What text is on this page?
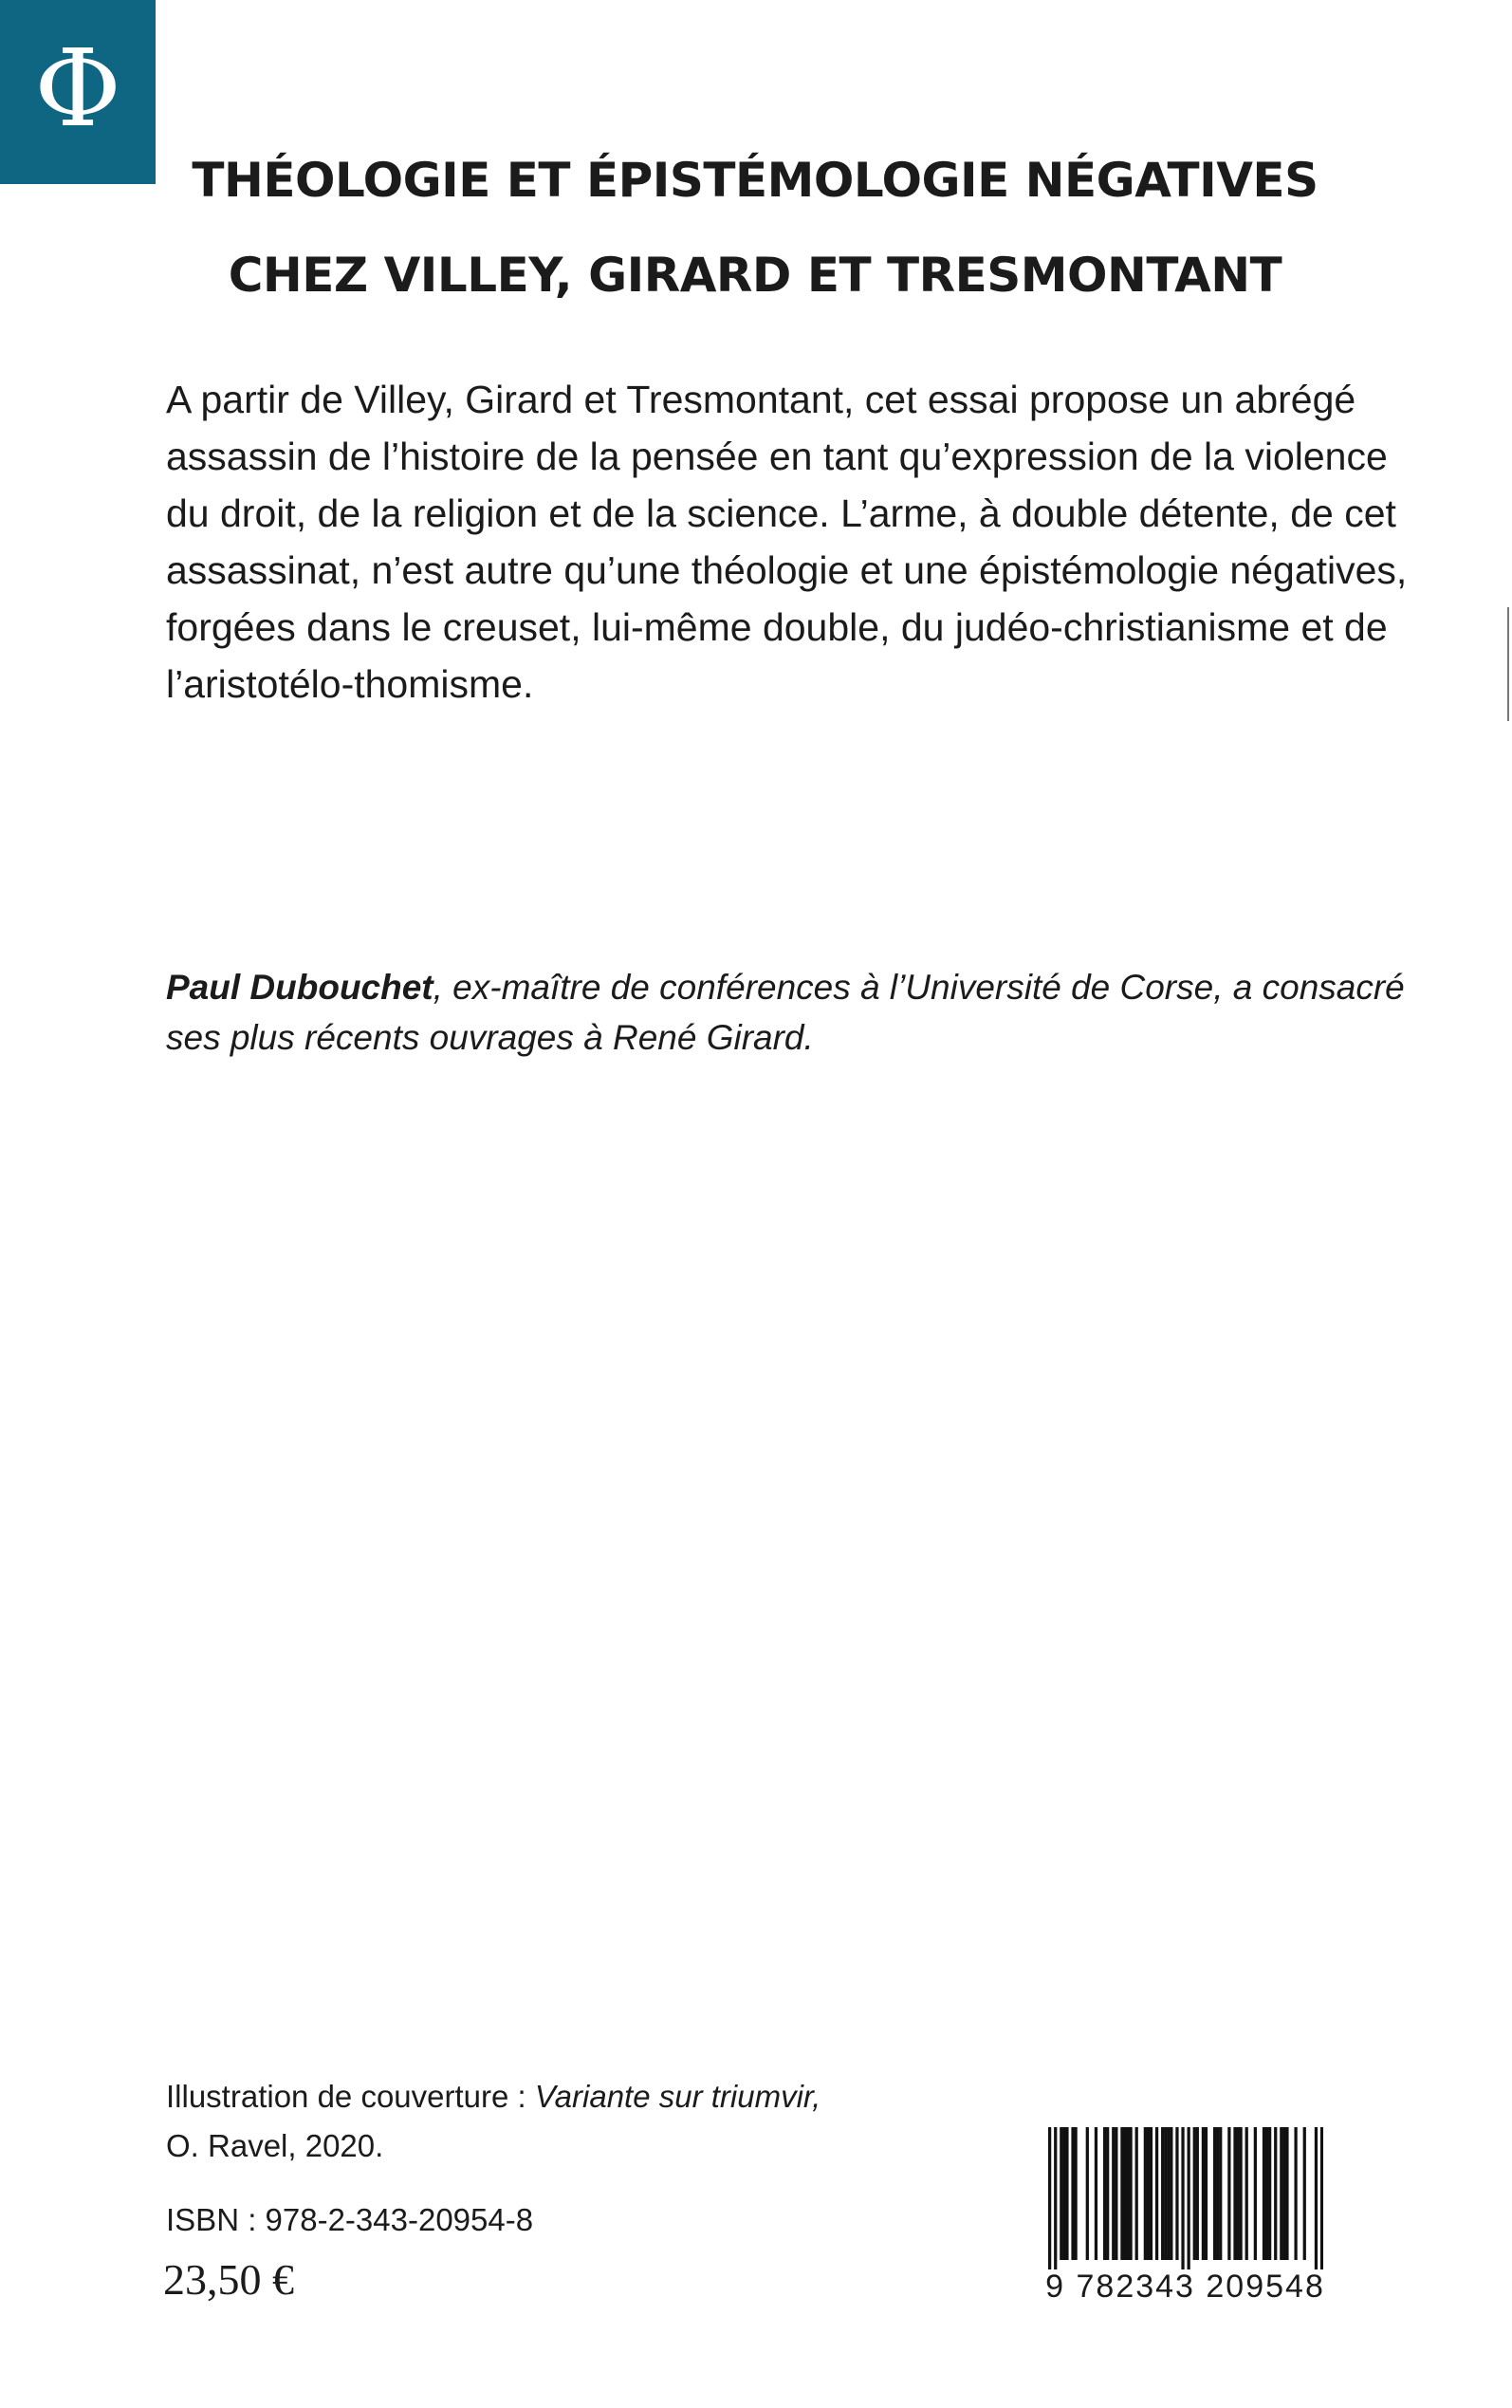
Φ
THÉOLOGIE ET ÉPISTÉMOLOGIE NÉGATIVES
CHEZ VILLEY, GIRARD ET TRESMONTANT

A partir de Villey, Girard et Tresmontant, cet essai propose un abrégé
assassin de l’histoire de la pensée en tant qu’expression de la violence
du droit, de la religion et de la science. L’arme, à double détente, de cet
assassinat, n’est autre qu’une théologie et une épistémologie négatives,
forgées dans le creuset, lui-même double, du judéo-christianisme et de
l’aristotélo-thomisme.

Paul Dubouchet, ex-maître de conférences à l’Université de Corse, a consacré
ses plus récents ouvrages à René Girard.

Illustration de couverture : Variante sur triumvir,
O. Ravel, 2020.

ISBN : 978-2-343-20954-8

23,50 €	9 782343 209548
